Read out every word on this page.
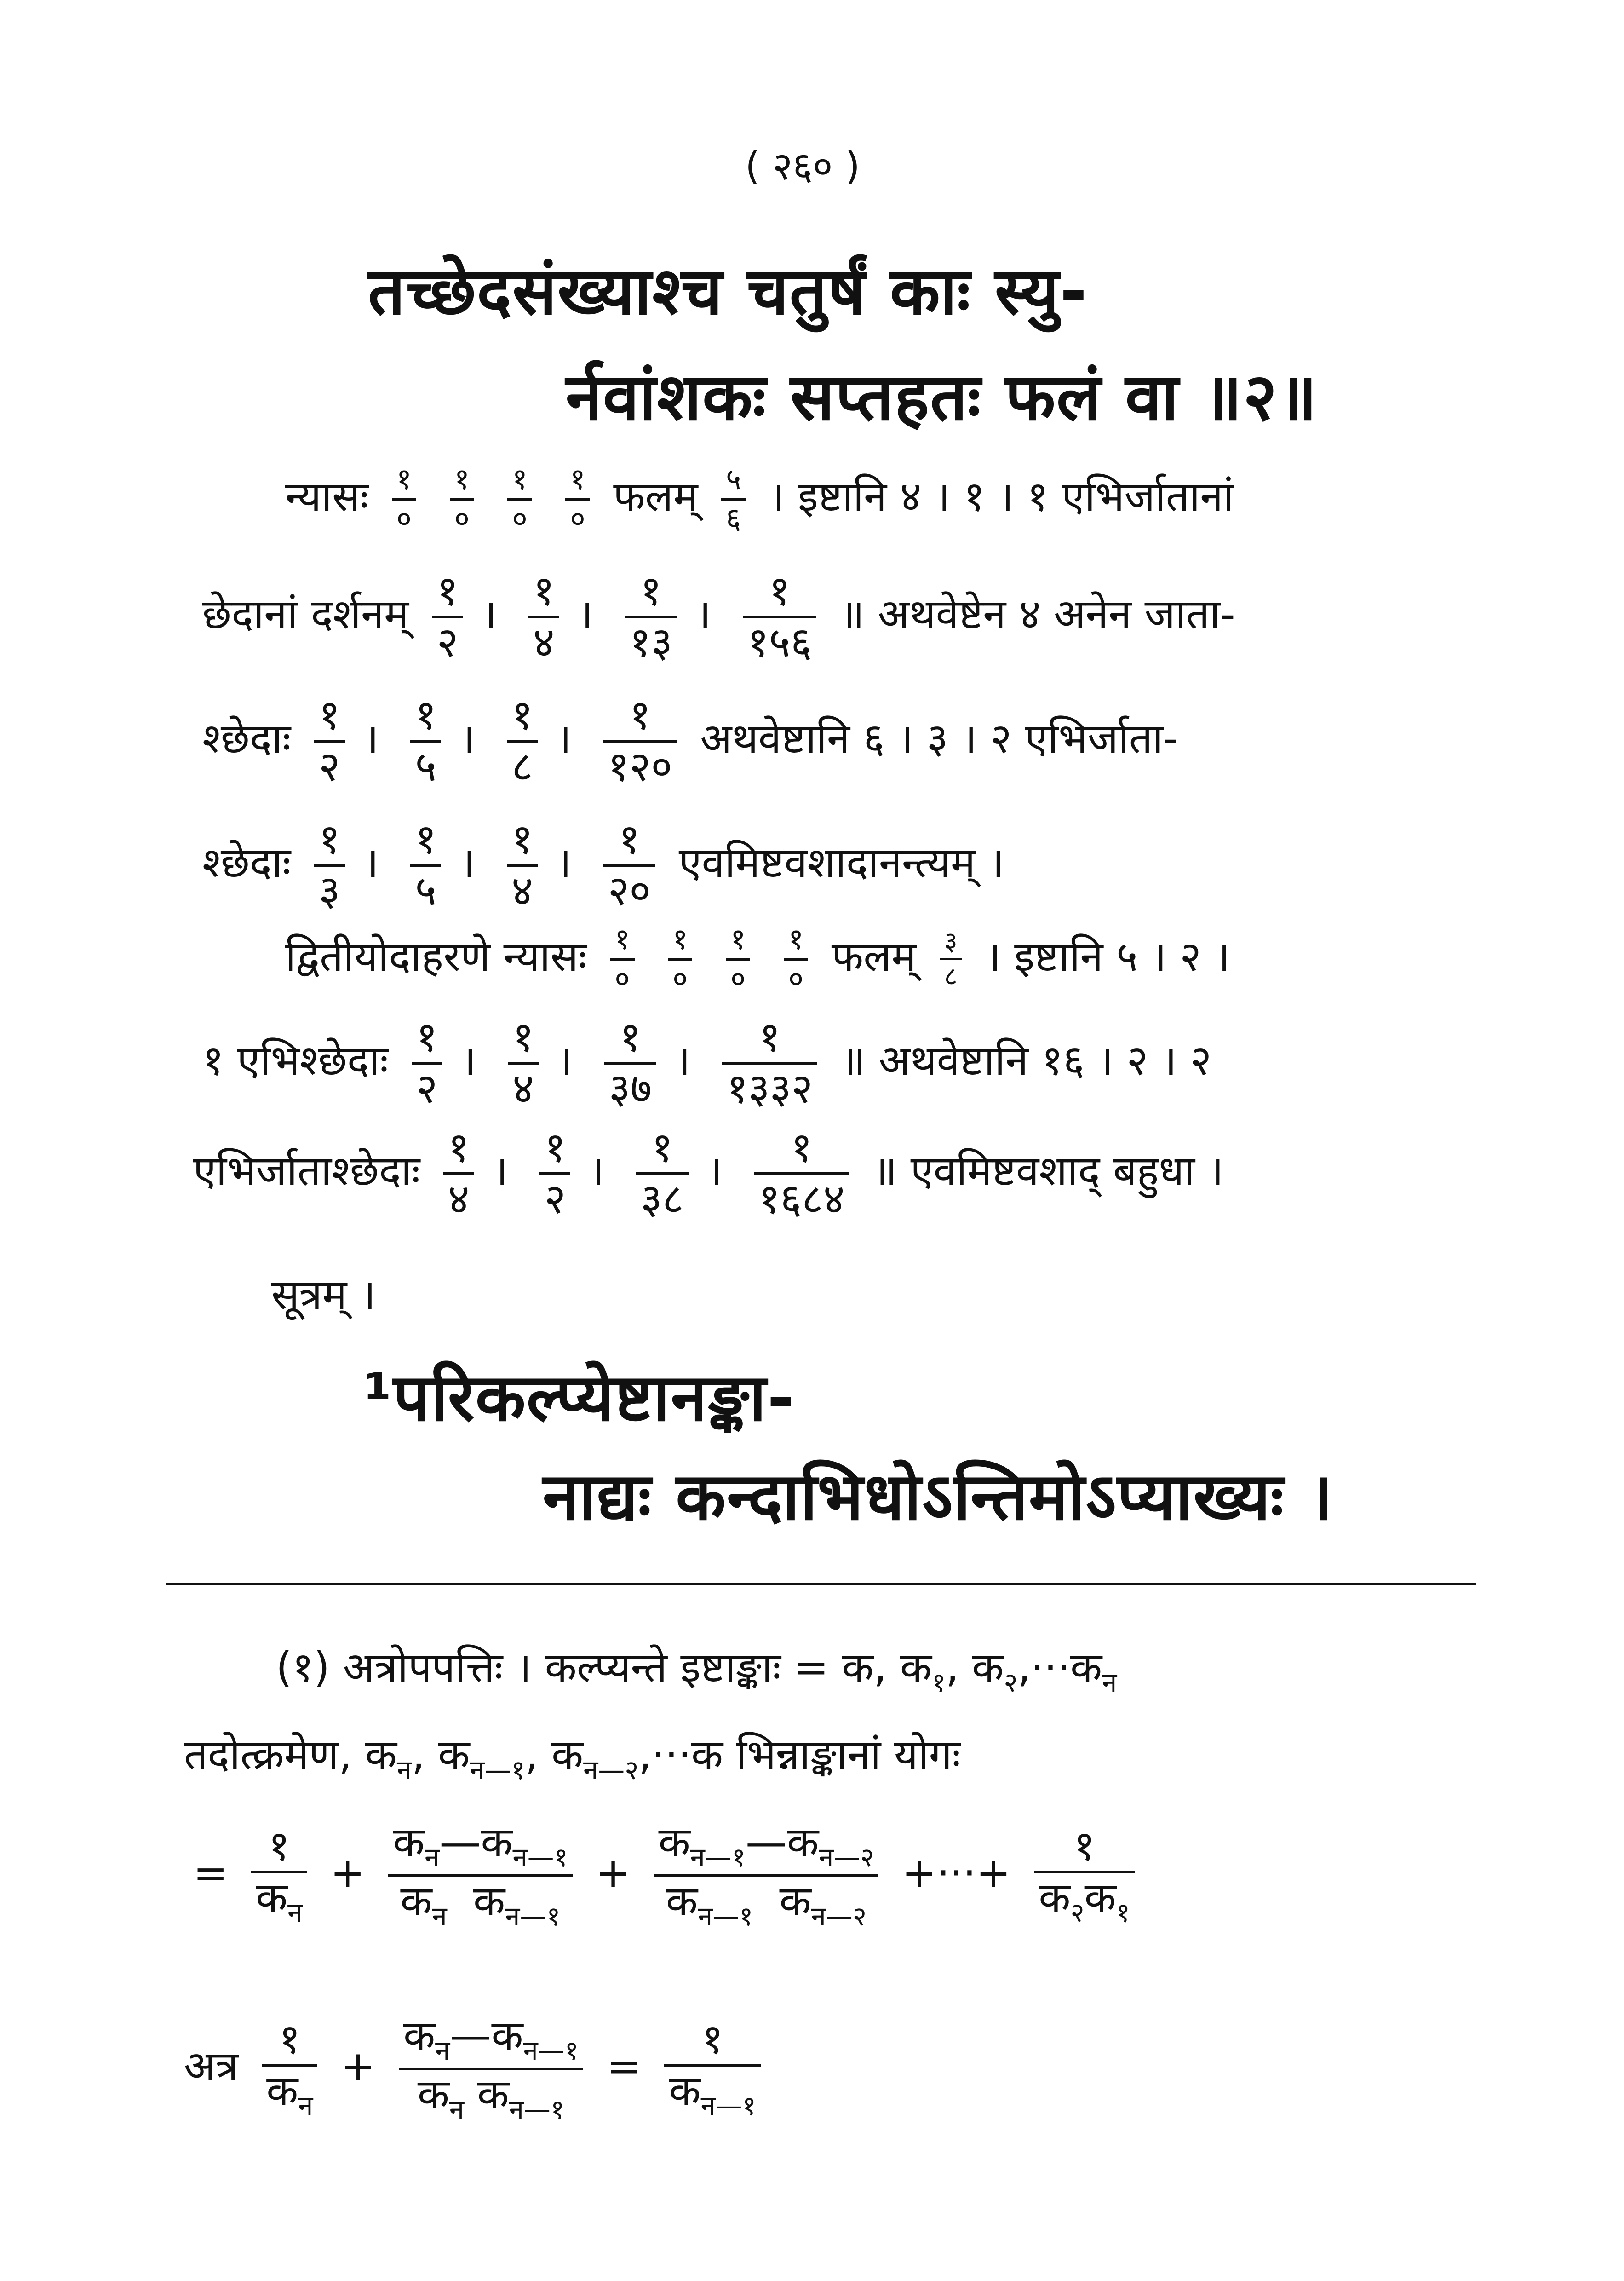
( २६० )
तच्छेदसंख्याश्च चतुर्षं काः स्यु-
र्नवांशकः सप्तहतः फलं वा ॥२॥
न्यासः $\frac{१}{०}$
$\frac{१}{०}$
$\frac{१}{०}$
$\frac{१}{०}$ फलम् $\frac{५}{६}$ । इष्टानि ४ । १ । १ एभिर्जातानां
छेदानां दर्शनम् $\frac{१}{२}$ । $\frac{१}{४}$ । $\frac{१}{१३}$ । $\frac{१}{१५६}$ ॥ अथवेष्टेन ४ अनेन जाता-
श्छेदाः $\frac{१}{२}$ । $\frac{१}{५}$ । $\frac{१}{८}$ । $\frac{१}{१२०}$ अथवेष्टानि ६ । ३ । २ एभिर्जाता-
श्छेदाः $\frac{१}{३}$ । $\frac{१}{५}$ । $\frac{१}{४}$ । $\frac{१}{२०}$ एवमिष्टवशादानन्त्यम् ।
द्वितीयोदाहरणे न्यासः $\frac{१}{०}$
$\frac{१}{०}$
$\frac{१}{०}$
$\frac{१}{०}$ फलम् $\frac{३}{८}$ । इष्टानि ५ । २ ।
१ एभिश्छेदाः $\frac{१}{२}$ । $\frac{१}{४}$ । $\frac{१}{३७}$ । $\frac{१}{१३३२}$ ॥ अथवेष्टानि १६ । २ । २
एभिर्जाताश्छेदाः $\frac{१}{४}$ । $\frac{१}{२}$ । $\frac{१}{३८}$ । $\frac{१}{१६८४}$ ॥ एवमिष्टवशाद् बहुधा ।
सूत्रम् ।
¹परिकल्प्येष्टानङ्का-
नाद्यः कन्दाभिधोऽन्तिमोऽप्याख्यः ।
(१) अत्रोपपत्तिः । कल्प्यन्ते इष्टाङ्काः = क, क$_१$, क$_२$,···क$_न$
तदोत्क्रमेण, क$_न$, क$_{न—१}$, क$_{न—२}$,···क भिन्नाङ्कानां योगः
= $\frac{१}{क_न} + \frac{क_न—क_{न—१}}{क_न क_{न—१}} + \frac{क_{न—१}—क_{न—२}}{क_{न—१} क_{न—२}}$ +···+ $\frac{१}{क_२क_१}$
अत्र $\frac{१}{क_न} + \frac{क_न—क_{न—१}}{क_न क_{न—१}} = \frac{१}{क_{न—१}}$
